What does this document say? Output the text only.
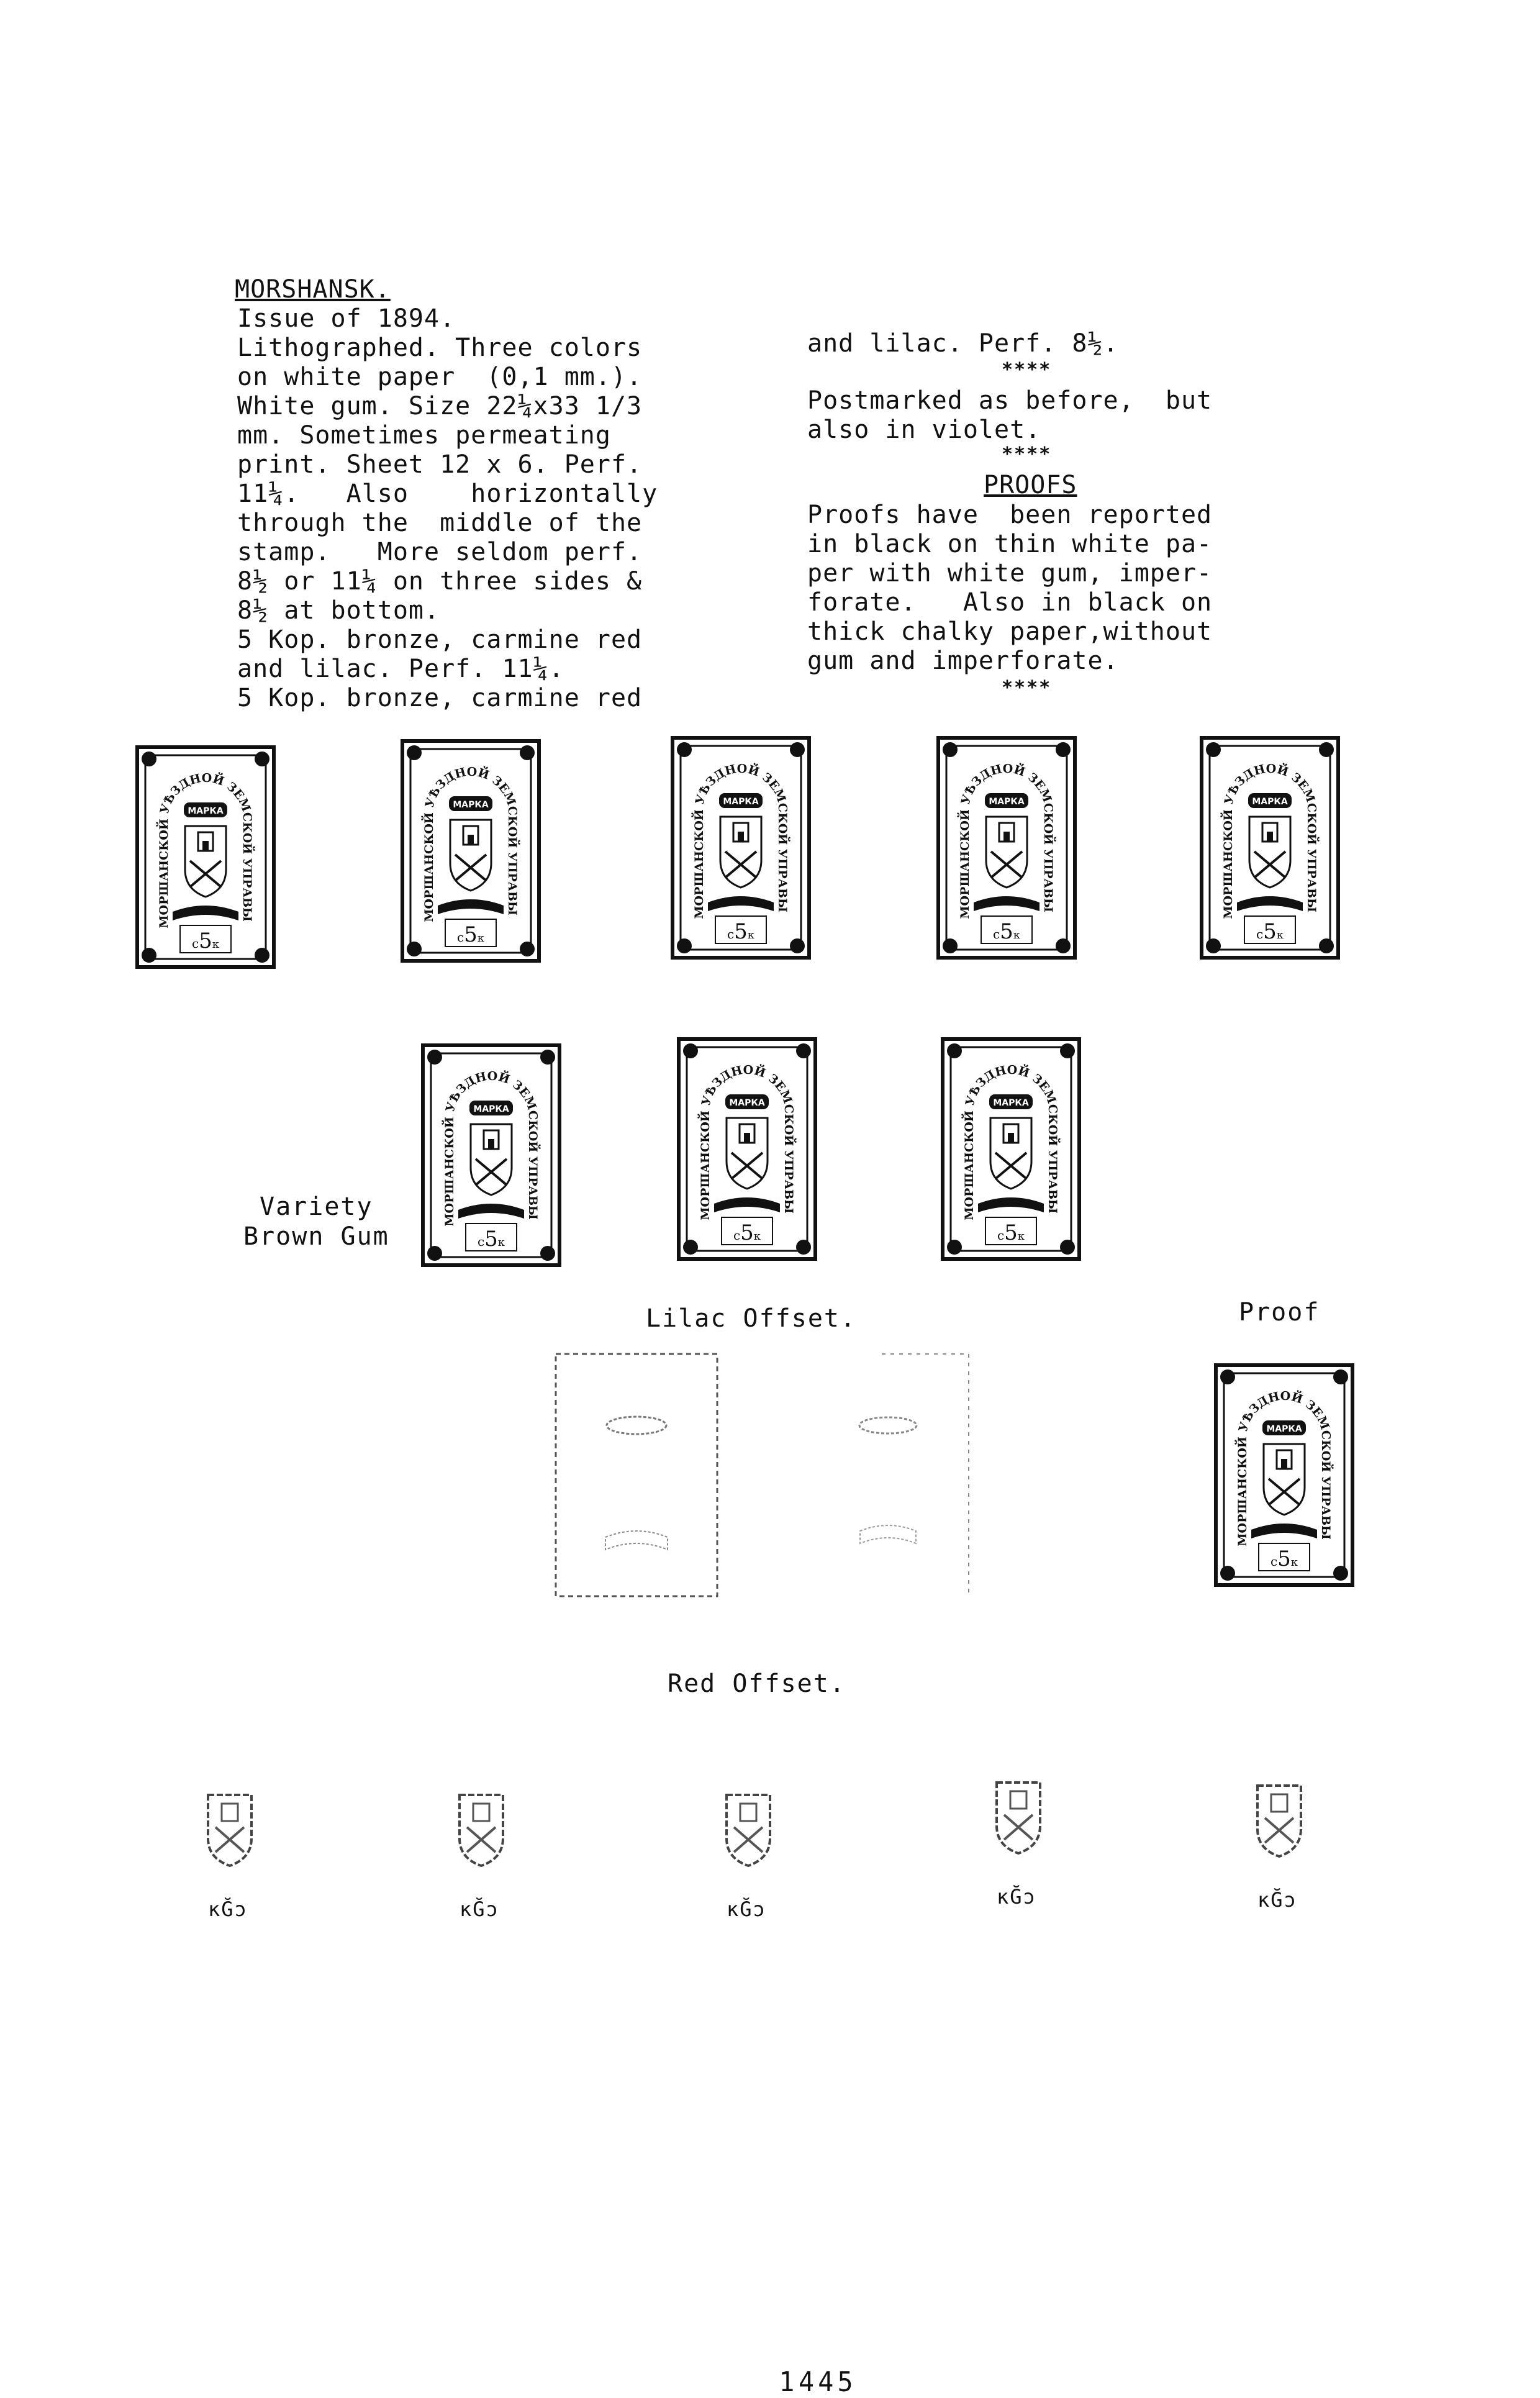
MORSHANSK.
Issue of 1894.
Lithographed. Three colors
on white paper  (0,1 mm.).
White gum. Size 22¼x33 1/3
mm. Sometimes permeating
print. Sheet 12 x 6. Perf.
11¼.   Also    horizontally
through the  middle of the
stamp.   More seldom perf.
8½ or 11¼ on three sides &
8½ at bottom.
5 Kop. bronze, carmine red
and lilac. Perf. 11¼.
5 Kop. bronze, carmine red
and lilac. Perf. 8½.
****
Postmarked as before,  but
also in violet.
****
PROOFS
Proofs have  been reported
in black on thin white pa-
per with white gum, imper-
forate.   Also in black on
thick chalky paper,without
gum and imperforate.
****
МОРШАНСКОЙ УѢЗДНОЙ ЗЕМСКОЙ УПРАВЫ
МАРКА
с5к
МОРШАНСКОЙ УѢЗДНОЙ ЗЕМСКОЙ УПРАВЫ
МАРКА
с5к
МОРШАНСКОЙ УѢЗДНОЙ ЗЕМСКОЙ УПРАВЫ
МАРКА
с5к
МОРШАНСКОЙ УѢЗДНОЙ ЗЕМСКОЙ УПРАВЫ
МАРКА
с5к
МОРШАНСКОЙ УѢЗДНОЙ ЗЕМСКОЙ УПРАВЫ
МАРКА
с5к
МОРШАНСКОЙ УѢЗДНОЙ ЗЕМСКОЙ УПРАВЫ
МАРКА
с5к
МОРШАНСКОЙ УѢЗДНОЙ ЗЕМСКОЙ УПРАВЫ
МАРКА
с5к
МОРШАНСКОЙ УѢЗДНОЙ ЗЕМСКОЙ УПРАВЫ
МАРКА
с5к
МОРШАНСКОЙ УѢЗДНОЙ ЗЕМСКОЙ УПРАВЫ
МАРКА
с5к
Variety
Brown Gum
Lilac Offset.	Proof
Red Offset.
кĞɔ	кĞɔ	кĞɔ
кĞɔ	кĞɔ
1445
